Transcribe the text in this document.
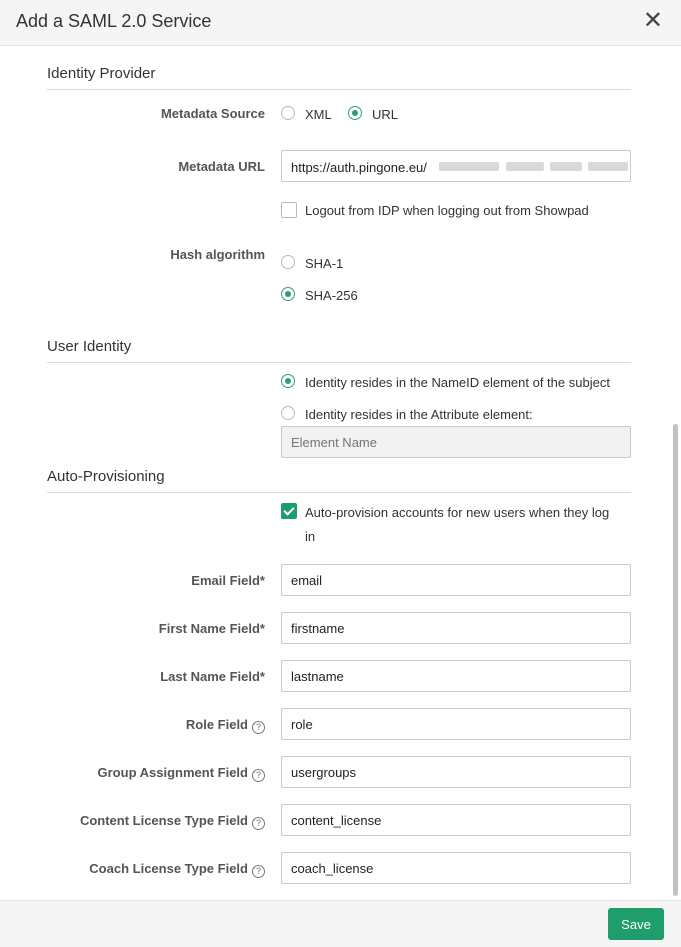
Add a SAML 2.0 Service	✕
Identity Provider
Metadata Source	XML	URL
Metadata URL https://auth.pingone.eu/
Logout from IDP when logging out from Showpad
Hash algorithm
SHA-1
SHA-256
User Identity
Identity resides in the NameID element of the subject
Identity resides in the Attribute element:
Element Name
Auto-Provisioning
Auto-provision accounts for new users when they log
in
Email Field*
email
First Name Field*
firstname
Last Name Field*
lastname
Role Field ?
role
Group Assignment Field ?
usergroups
Content License Type Field ?
content_license
Coach License Type Field ?
coach_license
Save
